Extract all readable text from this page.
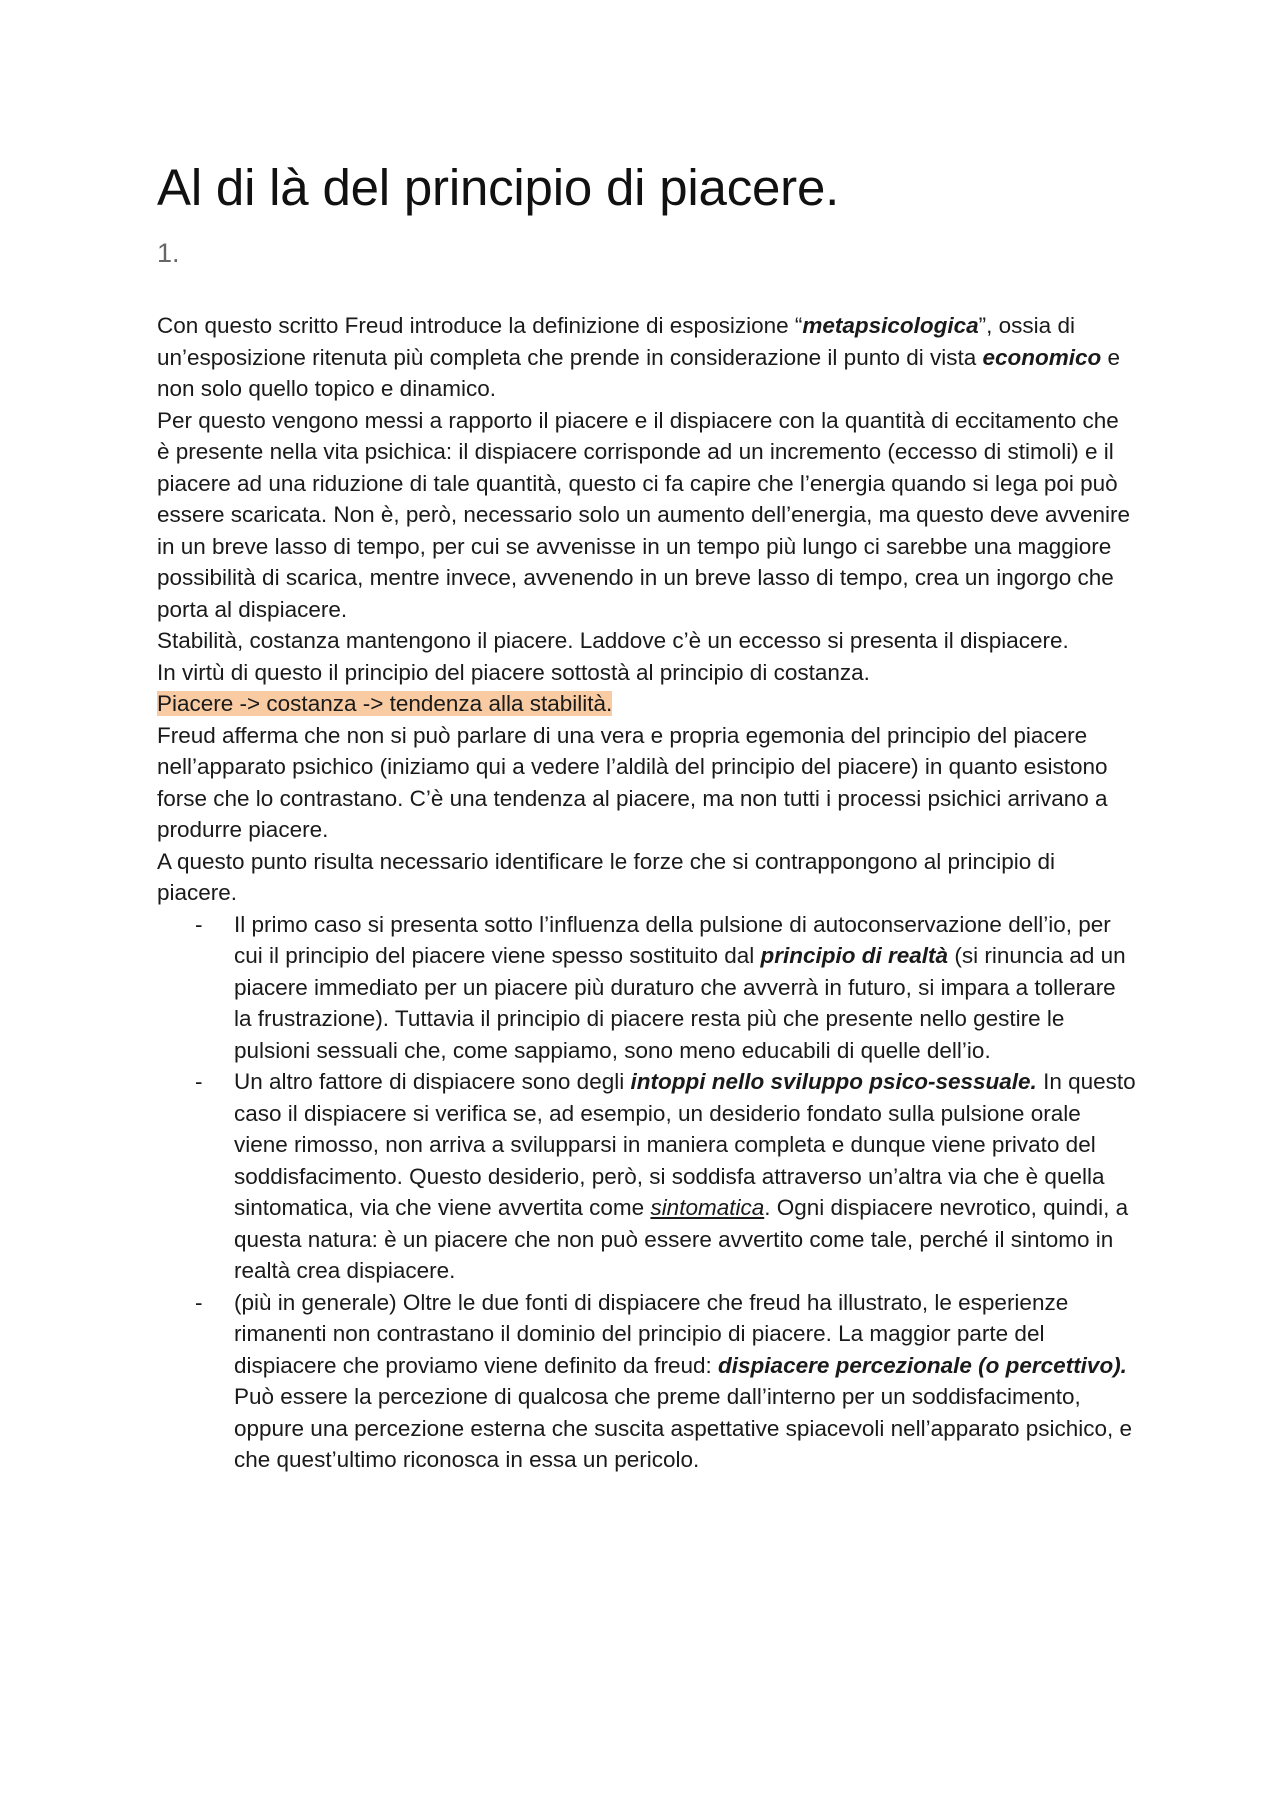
Al di là del principio di piacere.
1.

Con questo scritto Freud introduce la definizione di esposizione “metapsicologica”, ossia di un’esposizione ritenuta più completa che prende in considerazione il punto di vista economico e non solo quello topico e dinamico.

Per questo vengono messi a rapporto il piacere e il dispiacere con la quantità di eccitamento che è presente nella vita psichica: il dispiacere corrisponde ad un incremento (eccesso di stimoli) e il piacere ad una riduzione di tale quantità, questo ci fa capire che l’energia quando si lega poi può essere scaricata. Non è, però, necessario solo un aumento dell’energia, ma questo deve avvenire in un breve lasso di tempo, per cui se avvenisse in un tempo più lungo ci sarebbe una maggiore possibilità di scarica, mentre invece, avvenendo in un breve lasso di tempo, crea un ingorgo che porta al dispiacere.

Stabilità, costanza mantengono il piacere. Laddove c’è un eccesso si presenta il dispiacere.

In virtù di questo il principio del piacere sottostà al principio di costanza.

Piacere -> costanza -> tendenza alla stabilità.

Freud afferma che non si può parlare di una vera e propria egemonia del principio del piacere nell’apparato psichico (iniziamo qui a vedere l’aldilà del principio del piacere) in quanto esistono forse che lo contrastano. C’è una tendenza al piacere, ma non tutti i processi psichici arrivano a produrre piacere.

A questo punto risulta necessario identificare le forze che si contrappongono al principio di piacere.

- Il primo caso si presenta sotto l’influenza della pulsione di autoconservazione dell’io, per cui il principio del piacere viene spesso sostituito dal principio di realtà (si rinuncia ad un piacere immediato per un piacere più duraturo che avverrà in futuro, si impara a tollerare la frustrazione). Tuttavia il principio di piacere resta più che presente nello gestire le pulsioni sessuali che, come sappiamo, sono meno educabili di quelle dell’io.
- Un altro fattore di dispiacere sono degli intoppi nello sviluppo psico-sessuale. In questo caso il dispiacere si verifica se, ad esempio, un desiderio fondato sulla pulsione orale viene rimosso, non arriva a svilupparsi in maniera completa e dunque viene privato del soddisfacimento. Questo desiderio, però, si soddisfa attraverso un’altra via che è quella sintomatica, via che viene avvertita come sintomatica. Ogni dispiacere nevrotico, quindi, a questa natura: è un piacere che non può essere avvertito come tale, perché il sintomo in realtà crea dispiacere.
- (più in generale) Oltre le due fonti di dispiacere che freud ha illustrato, le esperienze rimanenti non contrastano il dominio del principio di piacere. La maggior parte del dispiacere che proviamo viene definito da freud: dispiacere percezionale (o percettivo). Può essere la percezione di qualcosa che preme dall’interno per un soddisfacimento, oppure una percezione esterna che suscita aspettative spiacevoli nell’apparato psichico, e che quest’ultimo riconosca in essa un pericolo.
